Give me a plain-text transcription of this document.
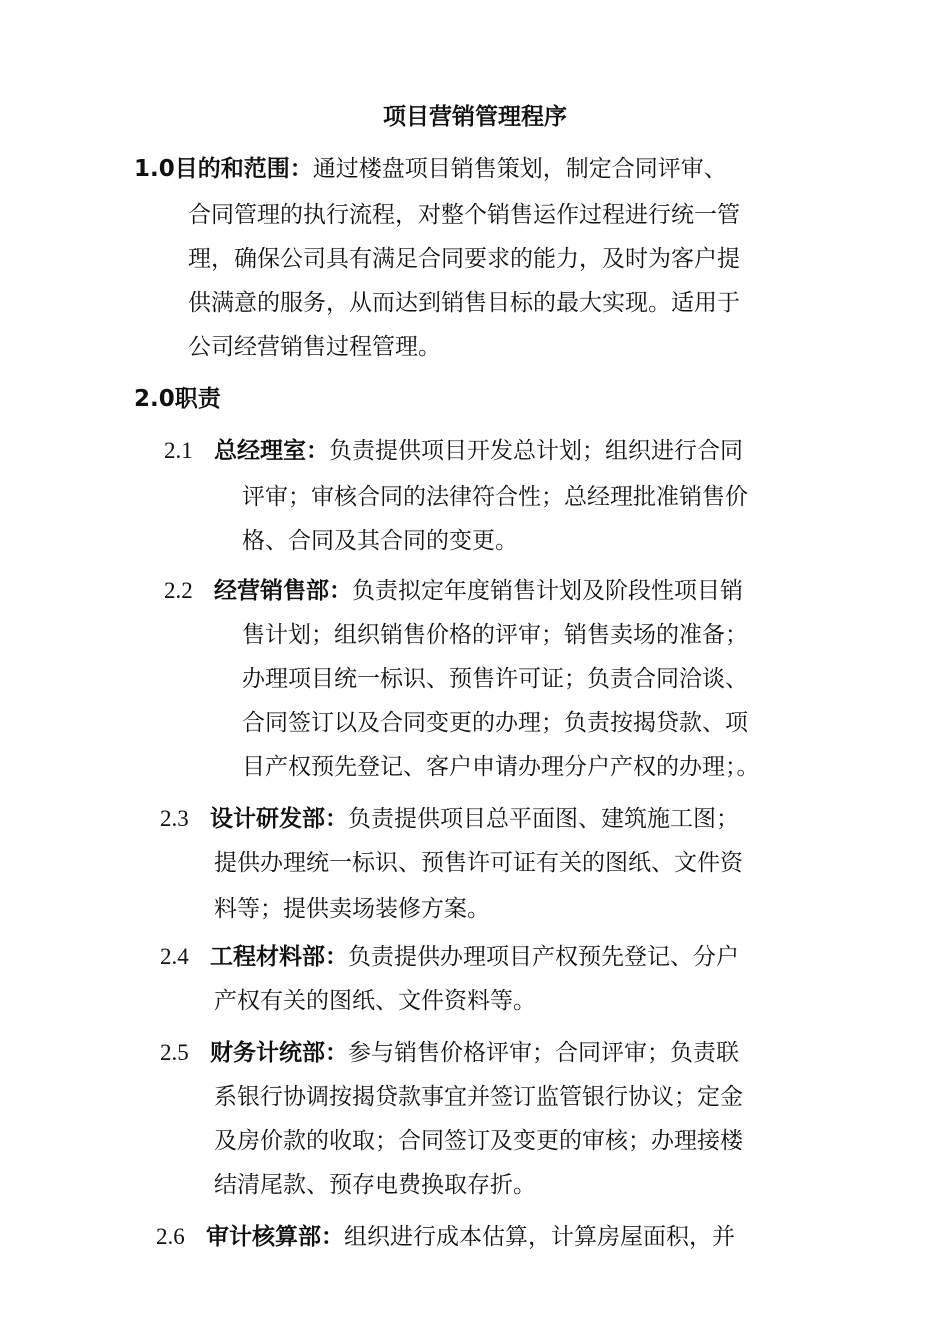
项目营销管理程序
1.0目的和范围：通过楼盘项目销售策划，制定合同评审、
合同管理的执行流程，对整个销售运作过程进行统一管
理，确保公司具有满足合同要求的能力，及时为客户提
供满意的服务，从而达到销售目标的最大实现。适用于
公司经营销售过程管理。
2.0职责
2.1 总经理室：负责提供项目开发总计划；组织进行合同
评审；审核合同的法律符合性；总经理批准销售价
格、合同及其合同的变更。
2.2 经营销售部：负责拟定年度销售计划及阶段性项目销
售计划；组织销售价格的评审；销售卖场的准备；
办理项目统一标识、预售许可证；负责合同洽谈、
合同签订以及合同变更的办理；负责按揭贷款、项
目产权预先登记、客户申请办理分户产权的办理；。
2.3 设计研发部：负责提供项目总平面图、建筑施工图；
提供办理统一标识、预售许可证有关的图纸、文件资
料等；提供卖场装修方案。
2.4 工程材料部：负责提供办理项目产权预先登记、分户
产权有关的图纸、文件资料等。
2.5 财务计统部：参与销售价格评审；合同评审；负责联
系银行协调按揭贷款事宜并签订监管银行协议；定金
及房价款的收取；合同签订及变更的审核；办理接楼
结清尾款、预存电费换取存折。
2.6 审计核算部：组织进行成本估算，计算房屋面积，并
